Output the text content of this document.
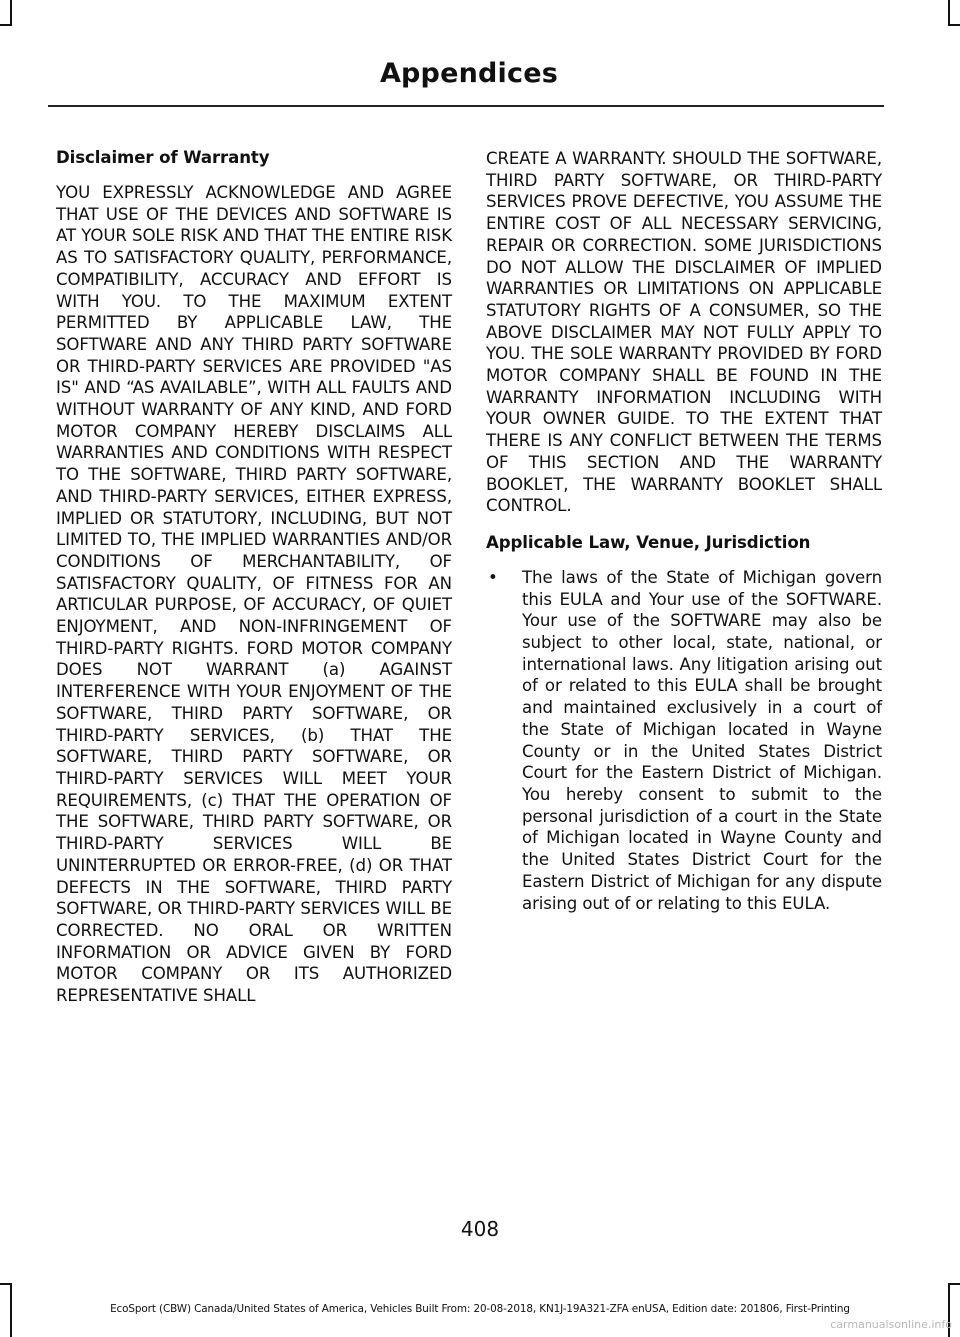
Appendices
Disclaimer of Warranty

YOU EXPRESSLY ACKNOWLEDGE AND AGREE THAT USE OF THE DEVICES AND SOFTWARE IS AT YOUR SOLE RISK AND THAT THE ENTIRE RISK AS TO SATISFACTORY QUALITY, PERFORMANCE, COMPATIBILITY, ACCURACY AND EFFORT IS WITH YOU. TO THE MAXIMUM EXTENT PERMITTED BY APPLICABLE LAW, THE SOFTWARE AND ANY THIRD PARTY SOFTWARE OR THIRD-PARTY SERVICES ARE PROVIDED "AS IS" AND “AS AVAILABLE”, WITH ALL FAULTS AND WITHOUT WARRANTY OF ANY KIND, AND FORD MOTOR COMPANY HEREBY DISCLAIMS ALL WARRANTIES AND CONDITIONS WITH RESPECT TO THE SOFTWARE, THIRD PARTY SOFTWARE, AND THIRD-PARTY SERVICES, EITHER EXPRESS, IMPLIED OR STATUTORY, INCLUDING, BUT NOT LIMITED TO, THE IMPLIED WARRANTIES AND/OR CONDITIONS OF MERCHANTABILITY, OF SATISFACTORY QUALITY, OF FITNESS FOR AN ARTICULAR PURPOSE, OF ACCURACY, OF QUIET ENJOYMENT, AND NON-INFRINGEMENT OF THIRD-PARTY RIGHTS. FORD MOTOR COMPANY DOES NOT WARRANT (a) AGAINST INTERFERENCE WITH YOUR ENJOYMENT OF THE SOFTWARE, THIRD PARTY SOFTWARE, OR THIRD-PARTY SERVICES, (b) THAT THE SOFTWARE, THIRD PARTY SOFTWARE, OR THIRD-PARTY SERVICES WILL MEET YOUR REQUIREMENTS, (c) THAT THE OPERATION OF THE SOFTWARE, THIRD PARTY SOFTWARE, OR THIRD-PARTY SERVICES WILL BE UNINTERRUPTED OR ERROR-FREE, (d) OR THAT DEFECTS IN THE SOFTWARE, THIRD PARTY SOFTWARE, OR THIRD-PARTY SERVICES WILL BE CORRECTED. NO ORAL OR WRITTEN INFORMATION OR ADVICE GIVEN BY FORD MOTOR COMPANY OR ITS AUTHORIZED REPRESENTATIVE SHALL

CREATE A WARRANTY. SHOULD THE SOFTWARE, THIRD PARTY SOFTWARE, OR THIRD-PARTY SERVICES PROVE DEFECTIVE, YOU ASSUME THE ENTIRE COST OF ALL NECESSARY SERVICING, REPAIR OR CORRECTION. SOME JURISDICTIONS DO NOT ALLOW THE DISCLAIMER OF IMPLIED WARRANTIES OR LIMITATIONS ON APPLICABLE STATUTORY RIGHTS OF A CONSUMER, SO THE ABOVE DISCLAIMER MAY NOT FULLY APPLY TO YOU. THE SOLE WARRANTY PROVIDED BY FORD MOTOR COMPANY SHALL BE FOUND IN THE WARRANTY INFORMATION INCLUDING WITH YOUR OWNER GUIDE. TO THE EXTENT THAT THERE IS ANY CONFLICT BETWEEN THE TERMS OF THIS SECTION AND THE WARRANTY BOOKLET, THE WARRANTY BOOKLET SHALL CONTROL.

Applicable Law, Venue, Jurisdiction
• The laws of the State of Michigan govern this EULA and Your use of the SOFTWARE. Your use of the SOFTWARE may also be subject to other local, state, national, or international laws. Any litigation arising out of or related to this EULA shall be brought and maintained exclusively in a court of the State of Michigan located in Wayne County or in the United States District Court for the Eastern District of Michigan. You hereby consent to submit to the personal jurisdiction of a court in the State of Michigan located in Wayne County and the United States District Court for the Eastern District of Michigan for any dispute arising out of or relating to this EULA.
408
EcoSport (CBW) Canada/United States of America, Vehicles Built From: 20-08-2018, KN1J-19A321-ZFA enUSA, Edition date: 201806, First-Printing
carmanualsonline.info
